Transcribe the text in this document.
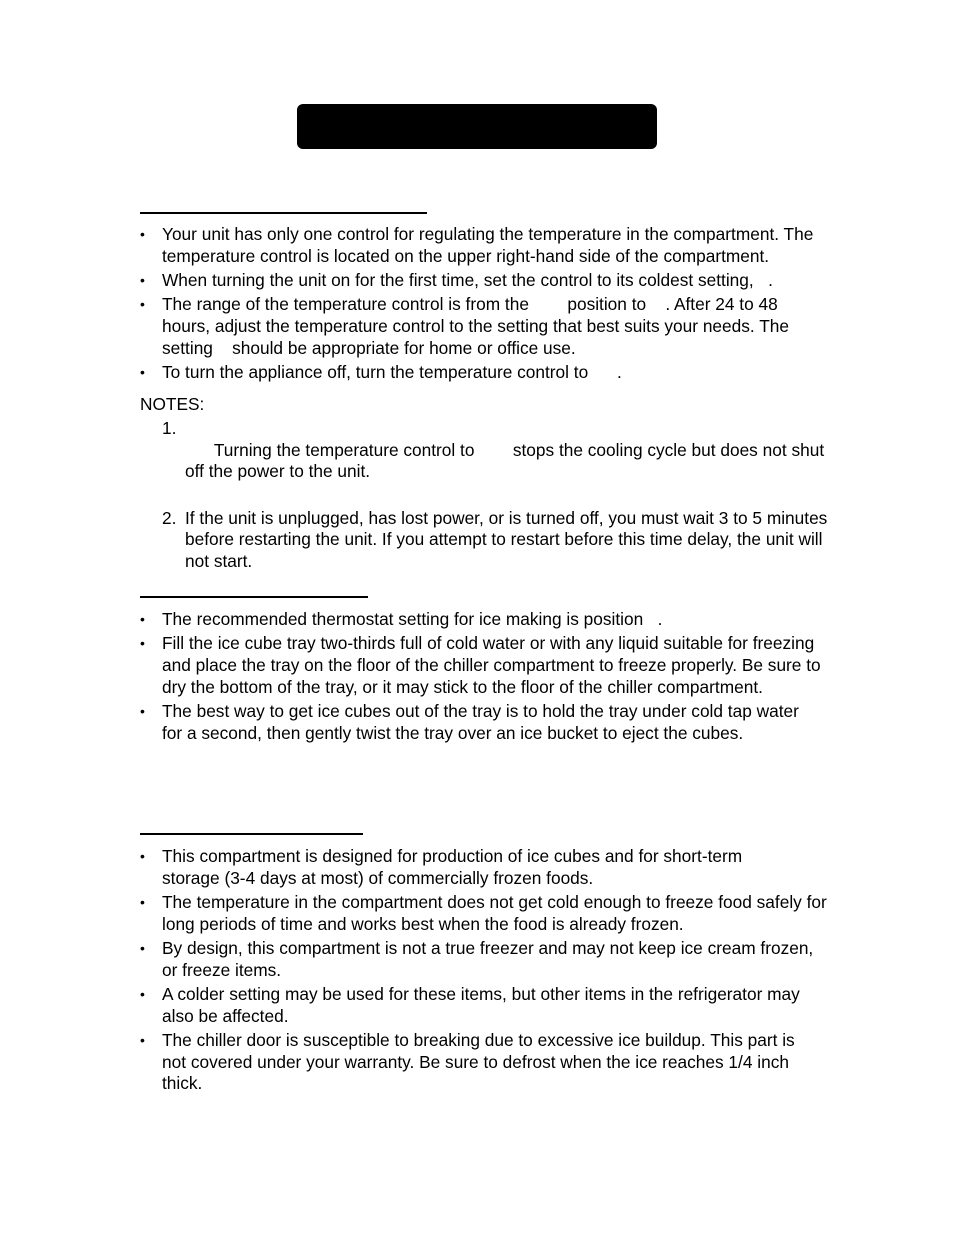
• Your unit has only one control for regulating the temperature in the compartment. The temperature control is located on the upper right-hand side of the compartment.
• When turning the unit on for the first time, set the control to its coldest setting,   .
• The range of the temperature control is from the        position to    . After 24 to 48 hours, adjust the temperature control to the setting that best suits your needs. The setting    should be appropriate for home or office use.
• To turn the appliance off, turn the temperature control to      .

NOTES:

1.
Turning the temperature control to        stops the cooling cycle but does not shut off the power to the unit.

2. If the unit is unplugged, has lost power, or is turned off, you must wait 3 to 5 minutes before restarting the unit. If you attempt to restart before this time delay, the unit will not start.
• The recommended thermostat setting for ice making is position   .
• Fill the ice cube tray two-thirds full of cold water or with any liquid suitable for freezing and place the tray on the floor of the chiller compartment to freeze properly. Be sure to dry the bottom of the tray, or it may stick to the floor of the chiller compartment.
• The best way to get ice cubes out of the tray is to hold the tray under cold tap water for a second, then gently twist the tray over an ice bucket to eject the cubes.
• This compartment is designed for production of ice cubes and for short-term storage (3-4 days at most) of commercially frozen foods.
• The temperature in the compartment does not get cold enough to freeze food safely for long periods of time and works best when the food is already frozen.
• By design, this compartment is not a true freezer and may not keep ice cream frozen, or freeze items.
• A colder setting may be used for these items, but other items in the refrigerator may also be affected.
• The chiller door is susceptible to breaking due to excessive ice buildup. This part is not covered under your warranty. Be sure to defrost when the ice reaches 1/4 inch thick.
